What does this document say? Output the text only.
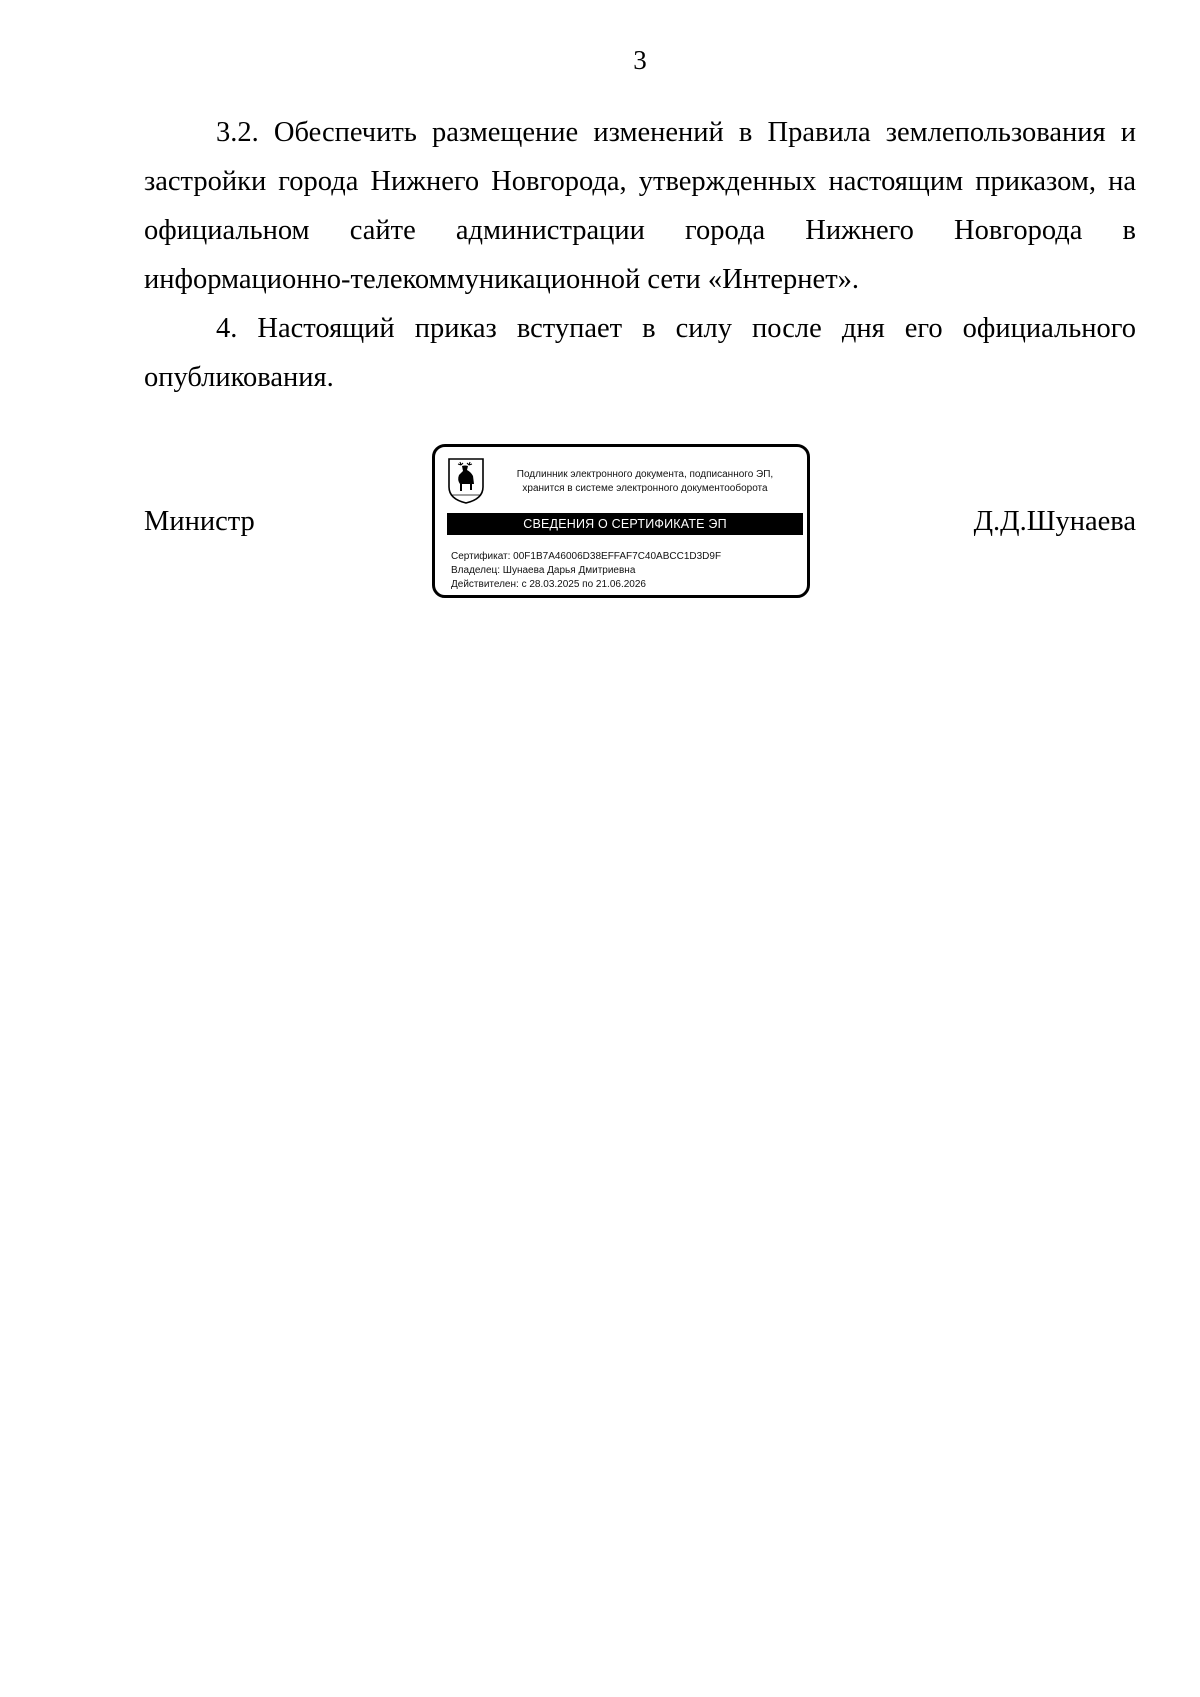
3

3.2. Обеспечить размещение изменений в Правила землепользования и
застройки города Нижнего Новгорода, утвержденных настоящим приказом, на
официальном сайте администрации города Нижнего Новгорода в
информационно-телекоммуникационной сети «Интернет».

4. Настоящий приказ вступает в силу после дня его официального
опубликования.

Министр
Подлинник электронного документа, подписанного ЭП,
хранится в системе электронного документооборота
СВЕДЕНИЯ О СЕРТИФИКАТЕ ЭП
Сертификат: 00F1B7A46006D38EFFAF7C40ABCC1D3D9F
Владелец: Шунаева Дарья Дмитриевна
Действителен: с 28.03.2025 по 21.06.2026
Д.Д.Шунаева
